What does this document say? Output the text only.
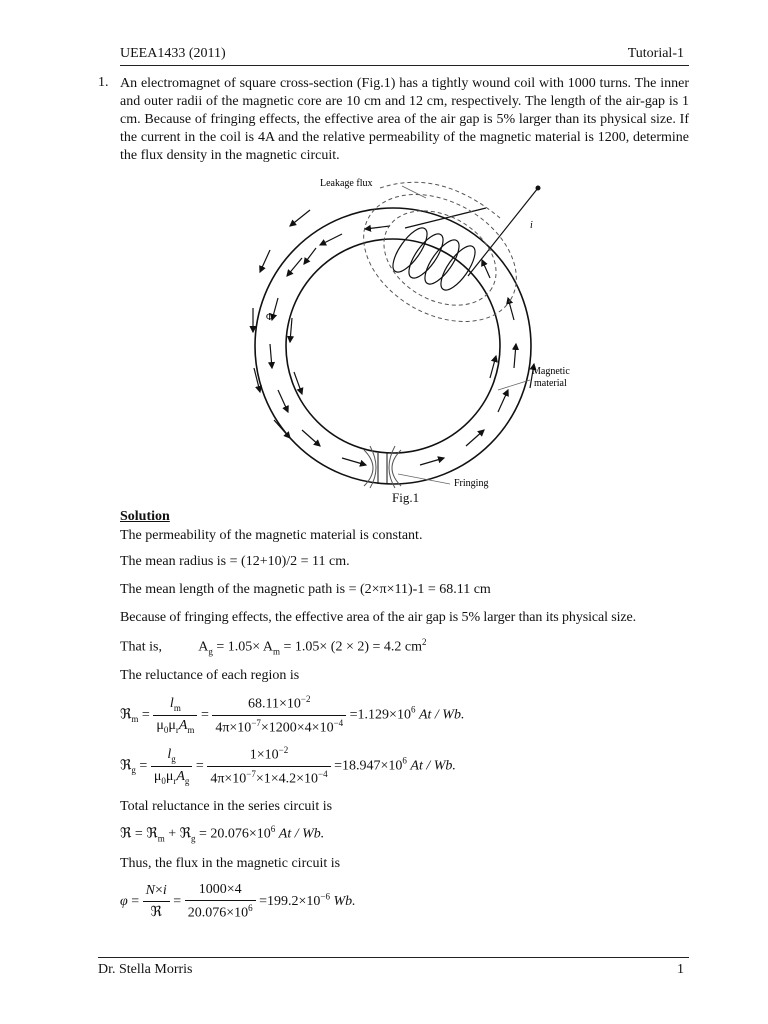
UEEA1433 (2011)	Tutorial-1
1. An electromagnet of square cross-section (Fig.1) has a tightly wound coil with 1000 turns. The inner and outer radii of the magnetic core are 10 cm and 12 cm, respectively. The length of the air-gap is 1 cm. Because of fringing effects, the effective area of the air gap is 5% larger than its physical size. If the current in the coil is 4A and the relative permeability of the magnetic material is 1200, determine the flux density in the magnetic circuit.
Leakage flux
i
Φ
Magnetic
material
Fringing
Fig.1
Solution
The permeability of the magnetic material is constant.
The mean radius is = (12+10)/2 = 11 cm.
The mean length of the magnetic path is = (2×π×11)-1 = 68.11 cm
Because of fringing effects, the effective area of the air gap is 5% larger than its physical size.
That is,  $A_g = 1.05\times A_m = 1.05\times (2 \times 2) = 4.2$ $cm^2$
The reluctance of each region is
ℜ$_m$ = $\frac{l_m}{\mu_0\mu_rA_m} = \frac{68.11\times 10^{-2}}{4\pi\times 10^{-7}\times 1200\times 4\times 10^{-4}} =1.129\times 10^6$ At / Wb.
ℜ$_g$ = $\frac{l_g}{\mu_0\mu_rA_g} = \frac{1\times 10^{-2}}{4\pi\times 10^{-7}\times 1\times 4.2\times 10^{-4}} =18.947\times 10^6$ At / Wb.
Total reluctance in the series circuit is
ℜ = ℜ$_m$ + ℜ$_g$ = $20.076\times 10^6$ At / Wb.
Thus, the flux in the magnetic circuit is
$\varphi = \frac{N\times i}{\text{ℜ}} = \frac{1000\times 4}{20.076\times 10^6} =199.2\times 10^{-6}$ Wb.
Dr. Stella Morris	1
